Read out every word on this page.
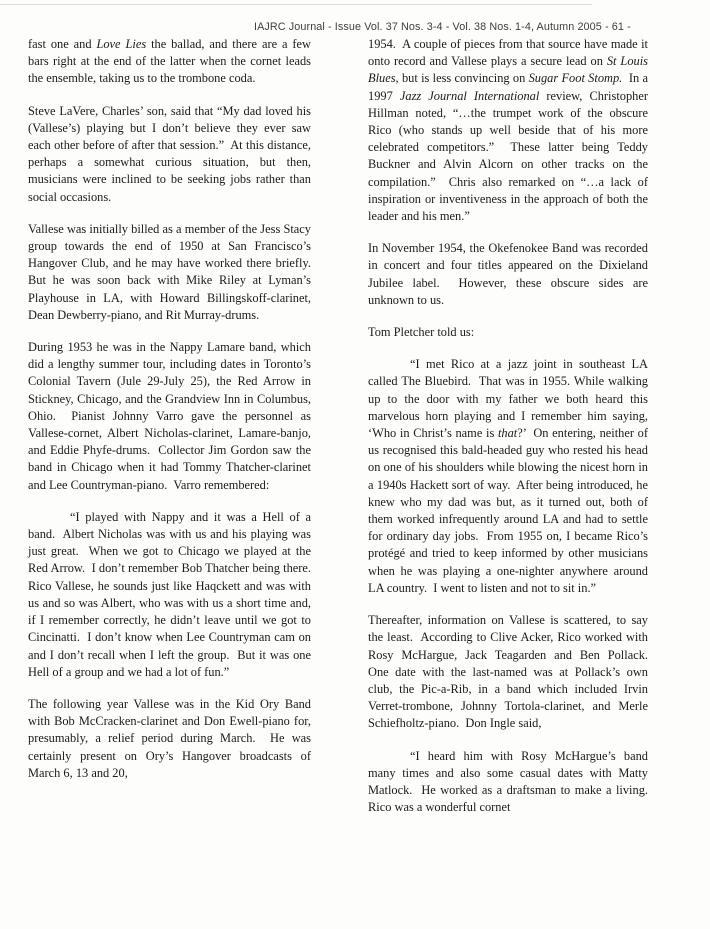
IAJRC Journal - Issue Vol. 37 Nos. 3-4 - Vol. 38 Nos. 1-4, Autumn 2005 - 61 -

fast one and Love Lies the ballad, and there are a few bars right at the end of the latter when the cornet leads the ensemble, taking us to the trombone coda.

Steve LaVere, Charles’ son, said that “My dad loved his (Vallese’s) playing but I don’t believe they ever saw each other before of after that session.”  At this distance, perhaps a somewhat curious situation, but then, musicians were inclined to be seeking jobs rather than social occasions.

Vallese was initially billed as a member of the Jess Stacy group towards the end of 1950 at San Francisco’s Hangover Club, and he may have worked there briefly.   But he was soon back with Mike Riley at Lyman’s Playhouse in LA, with Howard Billingskoff-clarinet, Dean Dewberry-piano, and Rit Murray-drums.

During 1953 he was in the Nappy Lamare band, which did a lengthy summer tour, including dates in Toronto’s Colonial Tavern (Jule 29-July 25), the Red Arrow in Stickney, Chicago, and the Grandview Inn in Columbus, Ohio.  Pianist Johnny Varro gave the personnel as Vallese-cornet, Albert Nicholas-clarinet, Lamare-banjo, and Eddie Phyfe-drums.  Collector Jim Gordon saw the band in Chicago when it had Tommy Thatcher-clarinet and Lee Countryman-piano.  Varro remembered:

“I played with Nappy and it was a Hell of a band.  Albert Nicholas was with us and his playing was just great.  When we got to Chicago we played at the Red Arrow.  I don’t remember Bob Thatcher being there.  Rico Vallese, he sounds just like Haqckett and was with us and so was Albert, who was with us a short time and, if I remember correctly, he didn’t leave until we got to Cincinatti.  I don’t know when Lee Countryman cam on and I don’t recall when I left the group.  But it was one Hell of a group and we had a lot of fun.”

The following year Vallese was in the Kid Ory Band with Bob McCracken-clarinet and Don Ewell-piano for, presumably, a relief period during March.  He was certainly present on Ory’s Hangover broadcasts of March 6, 13 and 20,

1954.  A couple of pieces from that source have made it onto record and Vallese plays a secure lead on St Louis Blues, but is less convincing on Sugar Foot Stomp.  In a 1997 Jazz Journal International review, Christopher Hillman noted, “…the trumpet work of the obscure Rico (who stands up well beside that of his more celebrated competitors.”  These latter being Teddy Buckner and Alvin Alcorn on other tracks on the compilation.”  Chris also remarked on “…a lack of inspiration or inventiveness in the approach of both the leader and his men.”

In November 1954, the Okefenokee Band was recorded in concert and four titles appeared on the Dixieland Jubilee label.  However, these obscure sides are unknown to us.

Tom Pletcher told us:

“I met Rico at a jazz joint in southeast LA called The Bluebird.  That was in 1955. While walking up to the door with my father we both heard this marvelous horn playing and I remember him saying, ‘Who in Christ’s name is that?’  On entering, neither of us recognised this bald-headed guy who rested his head on one of his shoulders while blowing the nicest horn in a 1940s Hackett sort of way.  After being introduced, he knew who my dad was but, as it turned out, both of them worked infrequently around LA and had to settle for ordinary day jobs.  From 1955 on, I became Rico’s protégé and tried to keep informed by other musicians when he was playing a one-nighter anywhere around LA country.  I went to listen and not to sit in.”

Thereafter, information on Vallese is scattered, to say the least.  According to Clive Acker, Rico worked with Rosy McHargue, Jack Teagarden and Ben Pollack.   One date with the last-named was at Pollack’s own club, the Pic-a-Rib, in a band which included Irvin Verret-trombone, Johnny Tortola-clarinet, and Merle Schiefholtz-piano.  Don Ingle said,

“I heard him with Rosy McHargue’s band many times and also some casual dates with Matty Matlock.  He worked as a draftsman to make a living. Rico was a wonderful cornet
